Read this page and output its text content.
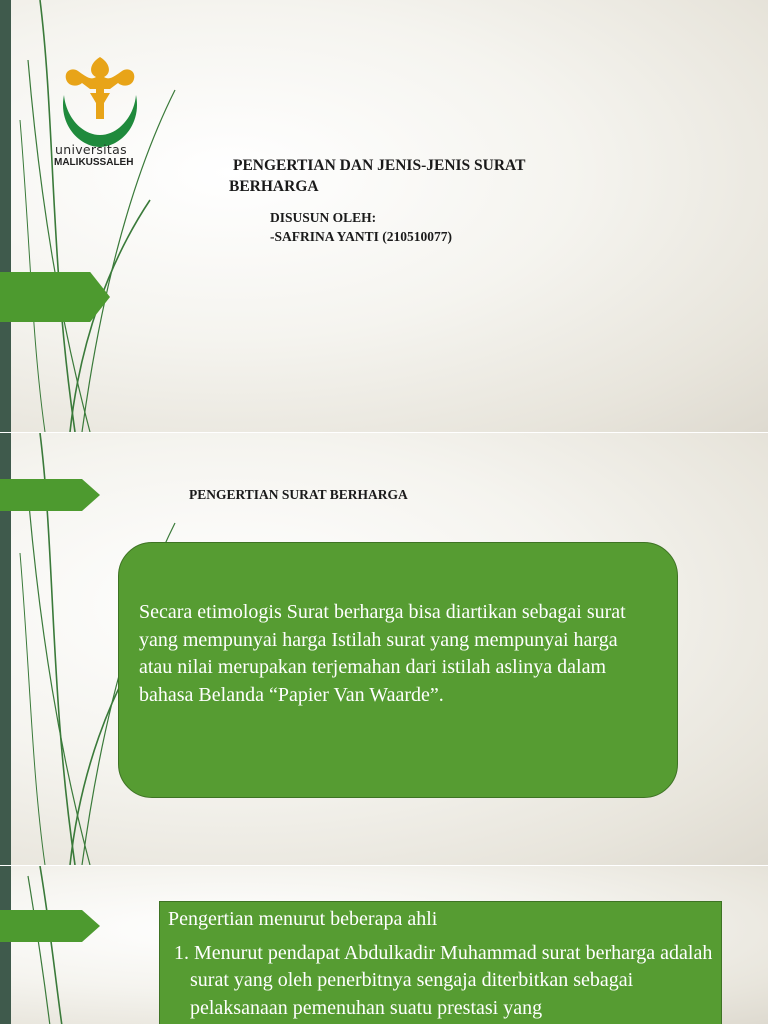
universitas
MALIKUSSALEH	PENGERTIAN DAN JENIS-JENIS SURAT BERHARGA
DISUSUN OLEH:
-SAFRINA YANTI (210510077)
PENGERTIAN SURAT BERHARGA
Secara etimologis Surat berharga bisa diartikan sebagai surat yang mempunyai harga Istilah surat yang mempunyai harga atau nilai merupakan terjemahan dari istilah aslinya dalam bahasa Belanda “Papier Van Waarde”.
Pengertian menurut beberapa ahli
1. Menurut pendapat Abdulkadir Muhammad surat berharga adalah surat yang oleh penerbitnya sengaja diterbitkan sebagai pelaksanaan pemenuhan suatu prestasi yang
